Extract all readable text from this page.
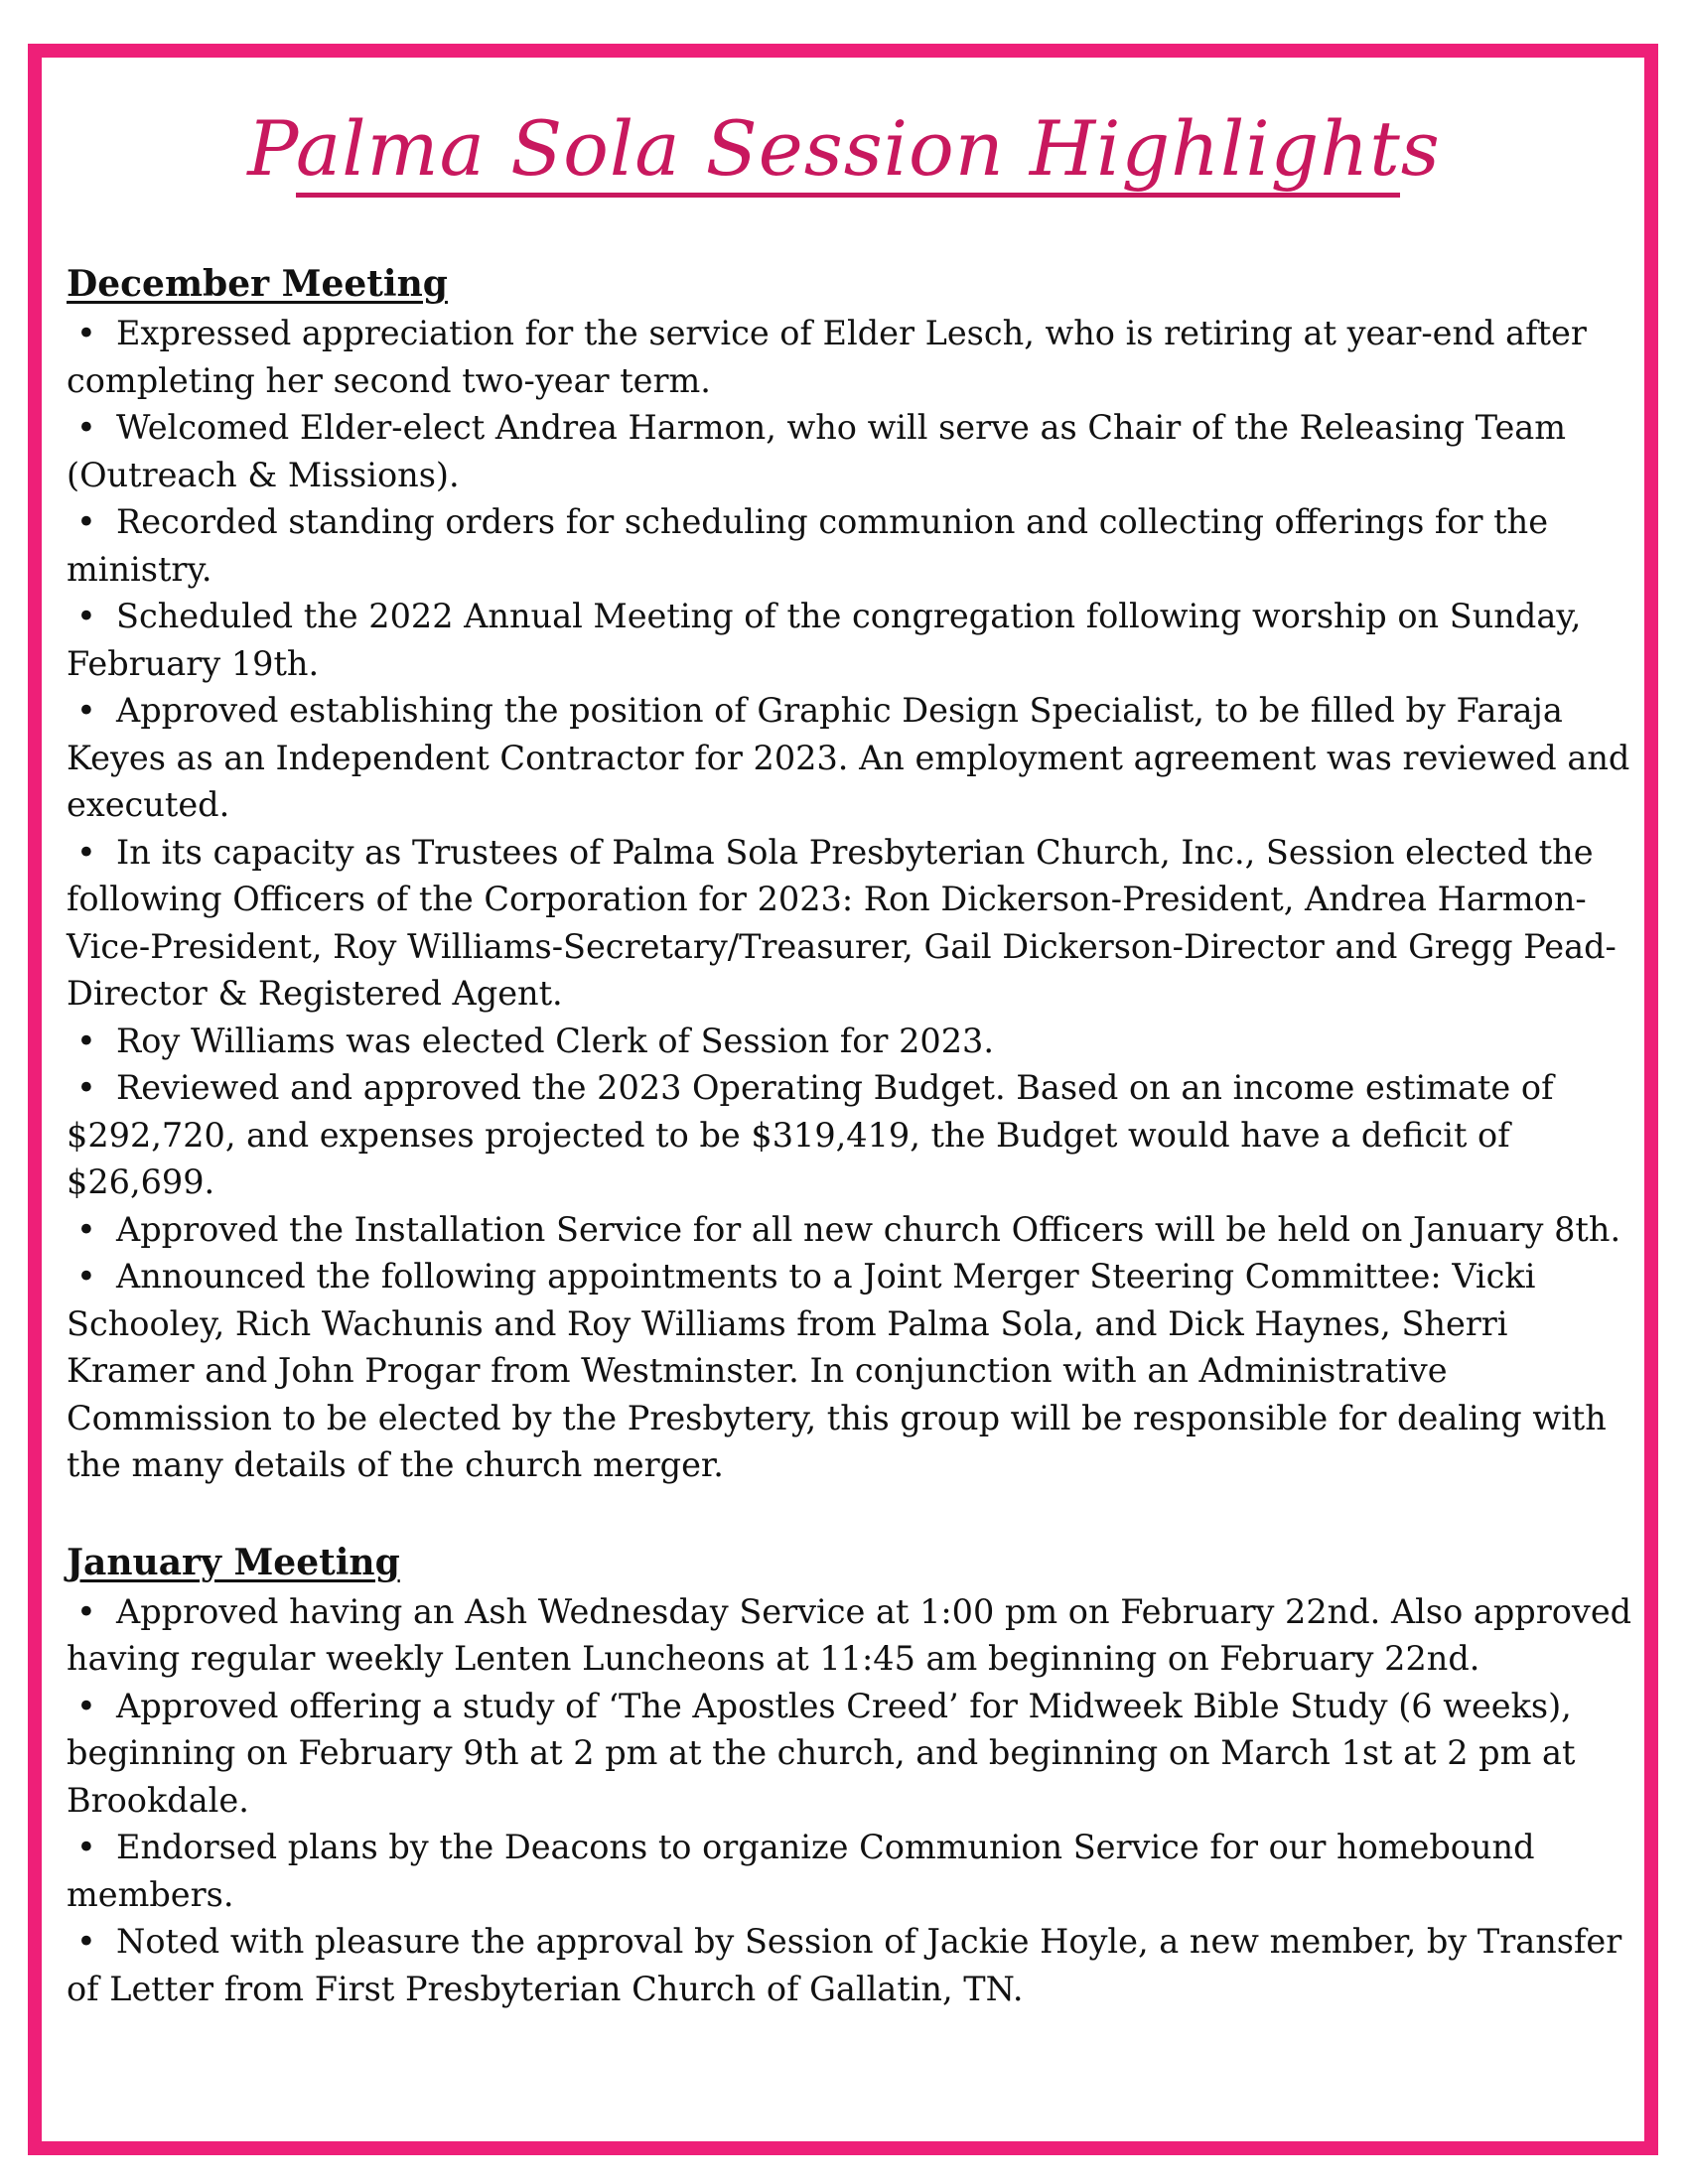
Palma Sola Session Highlights

December Meeting

• Expressed appreciation for the service of Elder Lesch, who is retiring at year-end after completing her second two-year term.

• Welcomed Elder-elect Andrea Harmon, who will serve as Chair of the Releasing Team (Outreach & Missions).

• Recorded standing orders for scheduling communion and collecting offerings for the ministry.

• Scheduled the 2022 Annual Meeting of the congregation following worship on Sunday, February 19th.

• Approved establishing the position of Graphic Design Specialist, to be filled by Faraja Keyes as an Independent Contractor for 2023. An employment agreement was reviewed and executed.

• In its capacity as Trustees of Palma Sola Presbyterian Church, Inc., Session elected the following Officers of the Corporation for 2023: Ron Dickerson-President, Andrea Harmon-Vice-President, Roy Williams-Secretary/Treasurer, Gail Dickerson-Director and Gregg Pead-Director & Registered Agent.

• Roy Williams was elected Clerk of Session for 2023.

• Reviewed and approved the 2023 Operating Budget. Based on an income estimate of $292,720, and expenses projected to be $319,419, the Budget would have a deficit of $26,699.

• Approved the Installation Service for all new church Officers will be held on January 8th.

• Announced the following appointments to a Joint Merger Steering Committee: Vicki Schooley, Rich Wachunis and Roy Williams from Palma Sola, and Dick Haynes, Sherri Kramer and John Progar from Westminster. In conjunction with an Administrative Commission to be elected by the Presbytery, this group will be responsible for dealing with the many details of the church merger.

January Meeting

• Approved having an Ash Wednesday Service at 1:00 pm on February 22nd. Also approved having regular weekly Lenten Luncheons at 11:45 am beginning on February 22nd.

• Approved offering a study of ‘The Apostles Creed’ for Midweek Bible Study (6 weeks), beginning on February 9th at 2 pm at the church, and beginning on March 1st at 2 pm at Brookdale.

• Endorsed plans by the Deacons to organize Communion Service for our homebound members.

• Noted with pleasure the approval by Session of Jackie Hoyle, a new member, by Transfer of Letter from First Presbyterian Church of Gallatin, TN.
